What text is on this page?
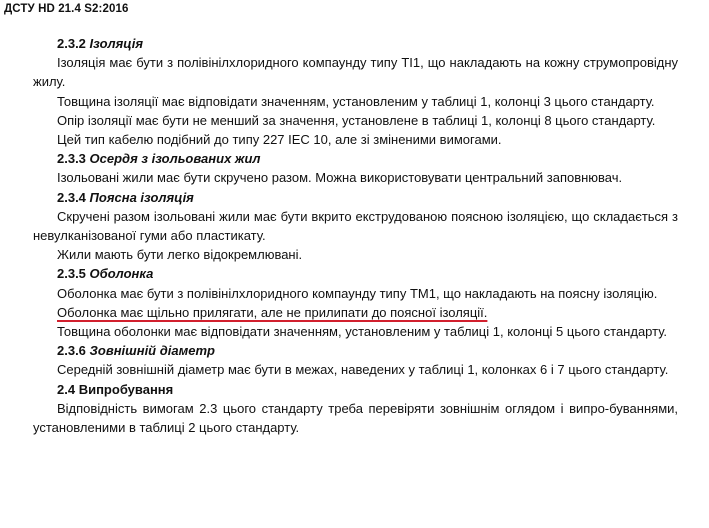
ДСТУ HD 21.4 S2:2016
2.3.2 Ізоляція

Ізоляція має бути з полівінілхлоридного компаунду типу ТІ1, що накладають на кожну струмопровідну жилу.

Товщина ізоляції має відповідати значенням, установленим у таблиці 1, колонці 3 цього стандарту.

Опір ізоляції має бути не менший за значення, установлене в таблиці 1, колонці 8 цього стандарту.

Цей тип кабелю подібний до типу 227 IEC 10, але зі зміненими вимогами.

2.3.3 Осердя з ізольованих жил

Ізольовані жили має бути скручено разом. Можна використовувати центральний заповнювач.

2.3.4 Поясна ізоляція

Скручені разом ізольовані жили має бути вкрито екструдованою поясною ізоляцією, що складається з невулканізованої гуми або пластикату.

Жили мають бути легко відокремлювані.

2.3.5 Оболонка

Оболонка має бути з полівінілхлоридного компаунду типу ТМ1, що накладають на поясну ізоляцію.

Оболонка має щільно прилягати, але не прилипати до поясної ізоляції.

Товщина оболонки має відповідати значенням, установленим у таблиці 1, колонці 5 цього стандарту.

2.3.6 Зовнішній діаметр

Середній зовнішній діаметр має бути в межах, наведених у таблиці 1, колонках 6 і 7 цього стандарту.

2.4 Випробування

Відповідність вимогам 2.3 цього стандарту треба перевіряти зовнішнім оглядом і випро-буваннями, установленими в таблиці 2 цього стандарту.
